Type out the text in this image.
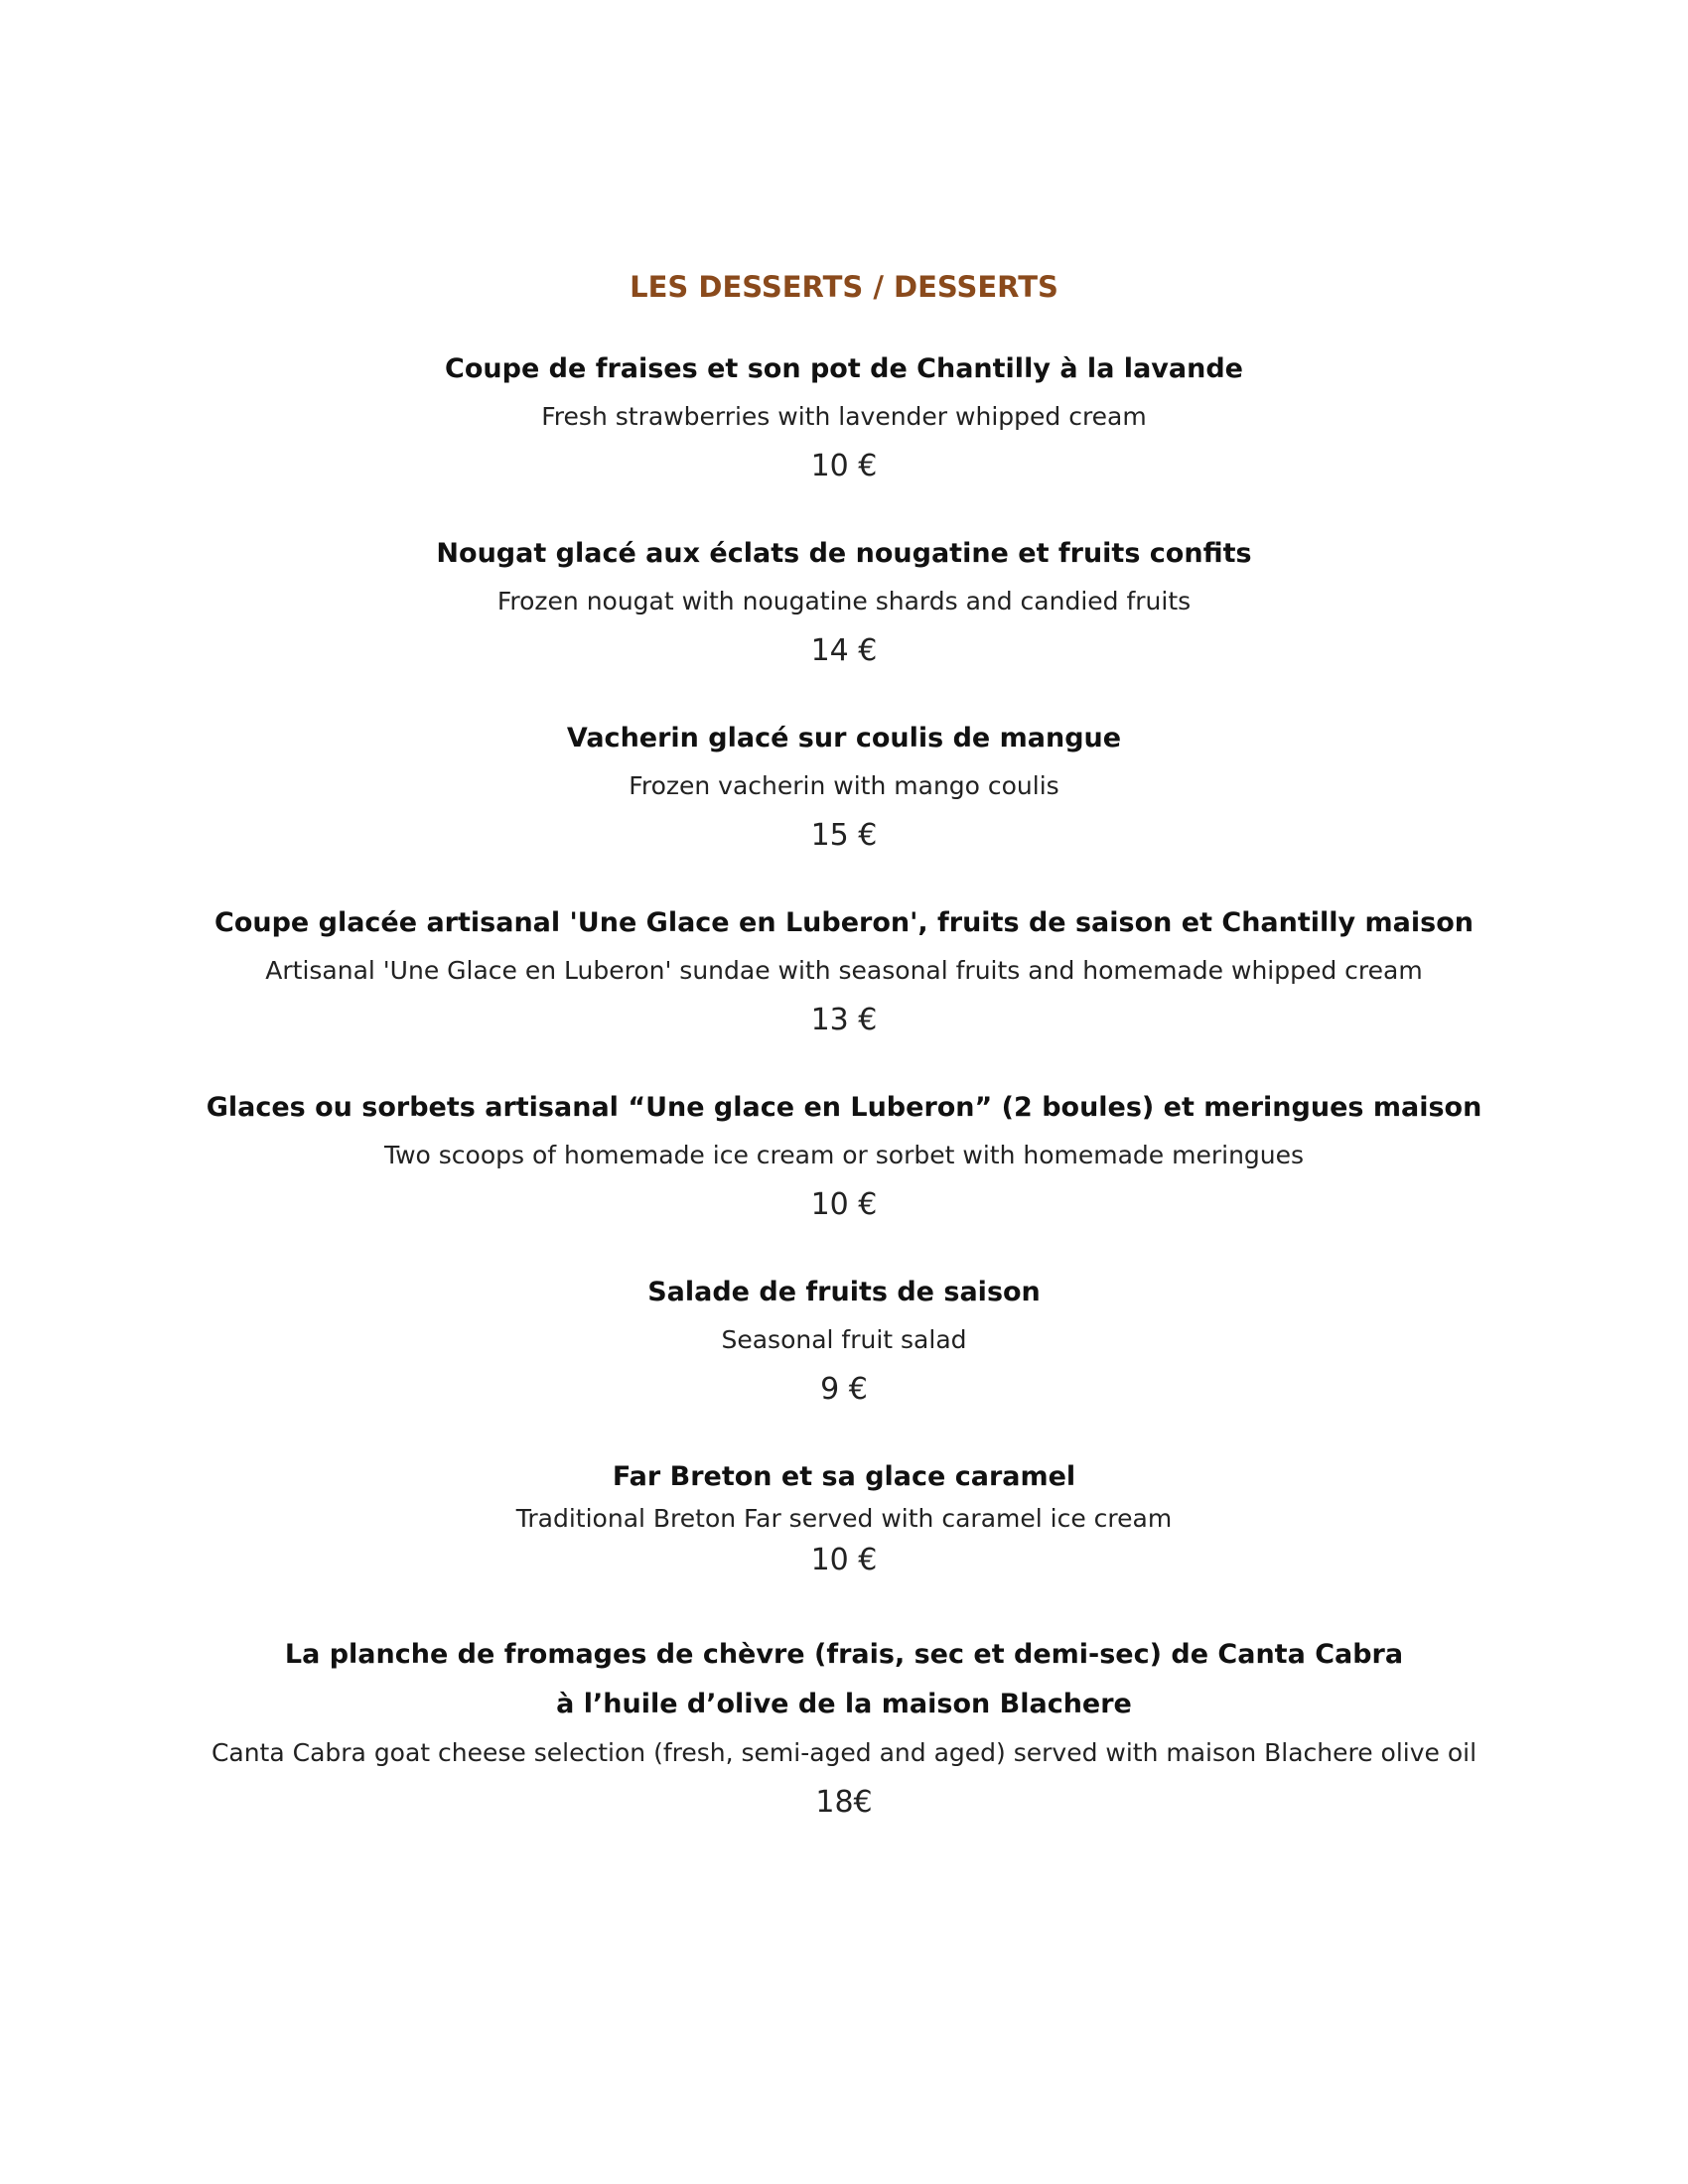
LES DESSERTS / DESSERTS
Coupe de fraises et son pot de Chantilly à la lavande
Fresh strawberries with lavender whipped cream
10 €
Nougat glacé aux éclats de nougatine et fruits confits
Frozen nougat with nougatine shards and candied fruits
14 €
Vacherin glacé sur coulis de mangue
Frozen vacherin with mango coulis
15 €
Coupe glacée artisanal 'Une Glace en Luberon', fruits de saison et Chantilly maison
Artisanal 'Une Glace en Luberon' sundae with seasonal fruits and homemade whipped cream
13 €
Glaces ou sorbets artisanal “Une glace en Luberon” (2 boules) et meringues maison
Two scoops of homemade ice cream or sorbet with homemade meringues
10 €
Salade de fruits de saison
Seasonal fruit salad
9 €
Far Breton et sa glace caramel
Traditional Breton Far served with caramel ice cream
10 €
La planche de fromages de chèvre (frais, sec et demi-sec) de Canta Cabra
à l’huile d’olive de la maison Blachere
Canta Cabra goat cheese selection (fresh, semi-aged and aged) served with maison Blachere olive oil
18€
